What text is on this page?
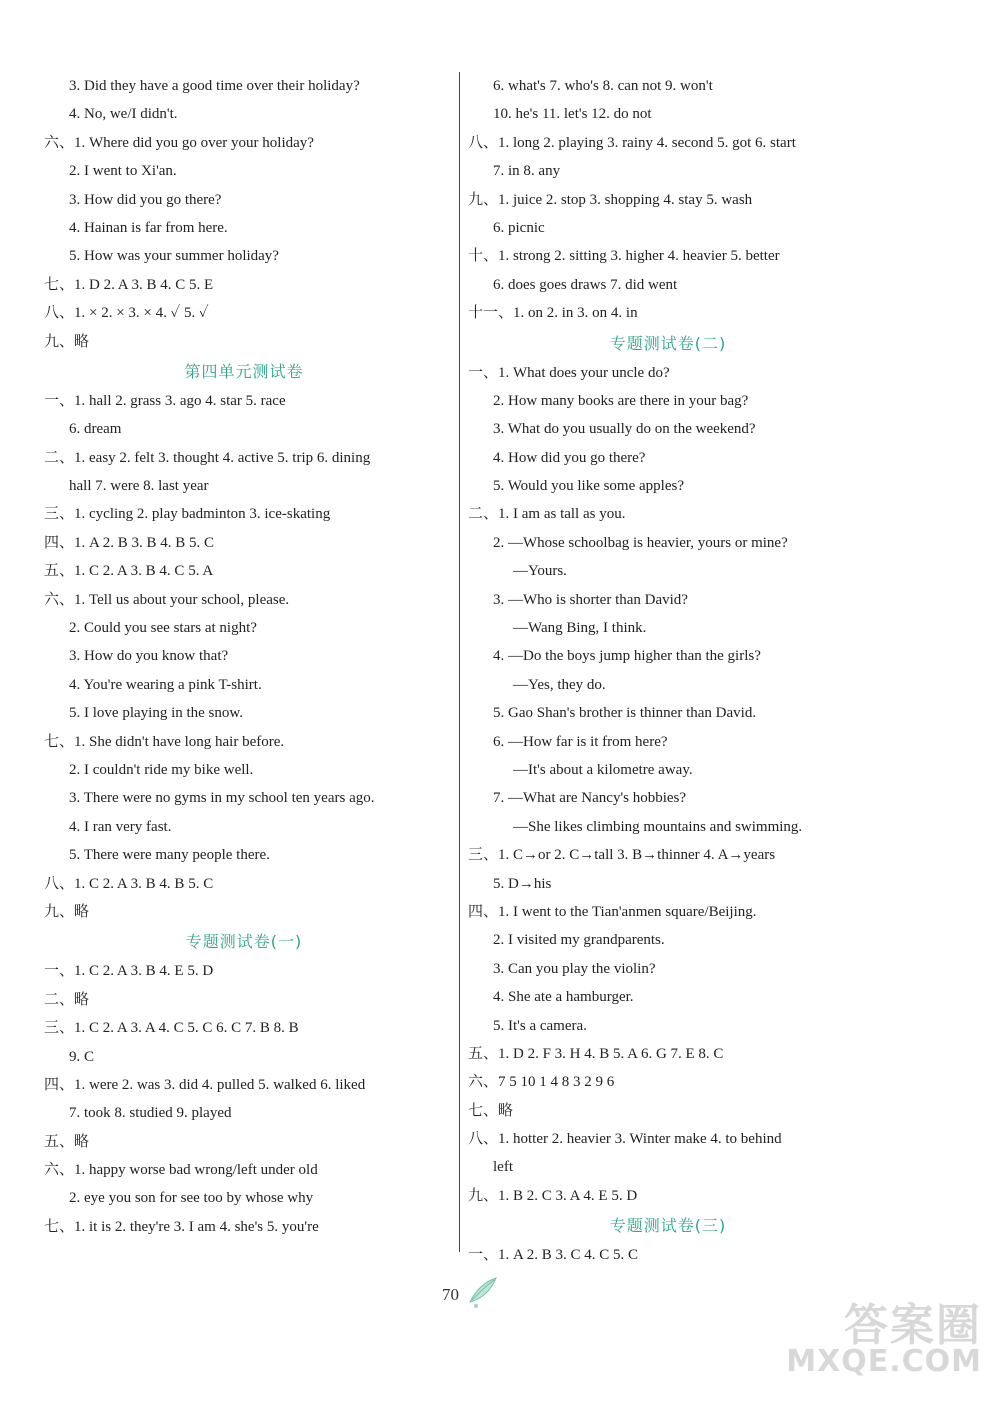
3. Did they have a good time over their holiday?
4. No, we/I didn't.
六、1. Where did you go over your holiday?
2. I went to Xi'an.
3. How did you go there?
4. Hainan is far from here.
5. How was your summer holiday?
七、1. D 2. A 3. B 4. C 5. E
八、1. × 2. × 3. × 4. ✓ 5. ✓
九、略
第四单元测试卷
一、1. hall 2. grass 3. ago 4. star 5. race
6. dream
二、1. easy 2. felt 3. thought 4. active 5. trip 6. dining
hall 7. were 8. last year
三、1. cycling 2. play badminton 3. ice-skating
四、1. A 2. B 3. B 4. B 5. C
五、1. C 2. A 3. B 4. C 5. A
六、1. Tell us about your school, please.
2. Could you see stars at night?
3. How do you know that?
4. You're wearing a pink T-shirt.
5. I love playing in the snow.
七、1. She didn't have long hair before.
2. I couldn't ride my bike well.
3. There were no gyms in my school ten years ago.
4. I ran very fast.
5. There were many people there.
八、1. C 2. A 3. B 4. B 5. C
九、略
专题测试卷(一)
一、1. C 2. A 3. B 4. E 5. D
二、略
三、1. C 2. A 3. A 4. C 5. C 6. C 7. B 8. B
9. C
四、1. were 2. was 3. did 4. pulled 5. walked 6. liked
7. took 8. studied 9. played
五、略
六、1. happy worse bad wrong/left under old
2. eye you son for see too by whose why
七、1. it is 2. they're 3. I am 4. she's 5. you're
6. what's 7. who's 8. can not 9. won't
10. he's 11. let's 12. do not
八、1. long 2. playing 3. rainy 4. second 5. got 6. start
7. in 8. any
九、1. juice 2. stop 3. shopping 4. stay 5. wash
6. picnic
十、1. strong 2. sitting 3. higher 4. heavier 5. better
6. does goes draws 7. did went
十一、1. on 2. in 3. on 4. in
专题测试卷(二)
一、1. What does your uncle do?
2. How many books are there in your bag?
3. What do you usually do on the weekend?
4. How did you go there?
5. Would you like some apples?
二、1. I am as tall as you.
2. —Whose schoolbag is heavier, yours or mine?
—Yours.
3. —Who is shorter than David?
—Wang Bing, I think.
4. —Do the boys jump higher than the girls?
—Yes, they do.
5. Gao Shan's brother is thinner than David.
6. —How far is it from here?
—It's about a kilometre away.
7. —What are Nancy's hobbies?
—She likes climbing mountains and swimming.
三、1. C→or 2. C→tall 3. B→thinner 4. A→years
5. D→his
四、1. I went to the Tian'anmen square/Beijing.
2. I visited my grandparents.
3. Can you play the violin?
4. She ate a hamburger.
5. It's a camera.
五、1. D 2. F 3. H 4. B 5. A 6. G 7. E 8. C
六、7 5 10 1 4 8 3 2 9 6
七、略
八、1. hotter 2. heavier 3. Winter make 4. to behind
left
九、1. B 2. C 3. A 4. E 5. D
专题测试卷(三)
一、1. A 2. B 3. C 4. C 5. C
70
答案圈
MXQE.COM
